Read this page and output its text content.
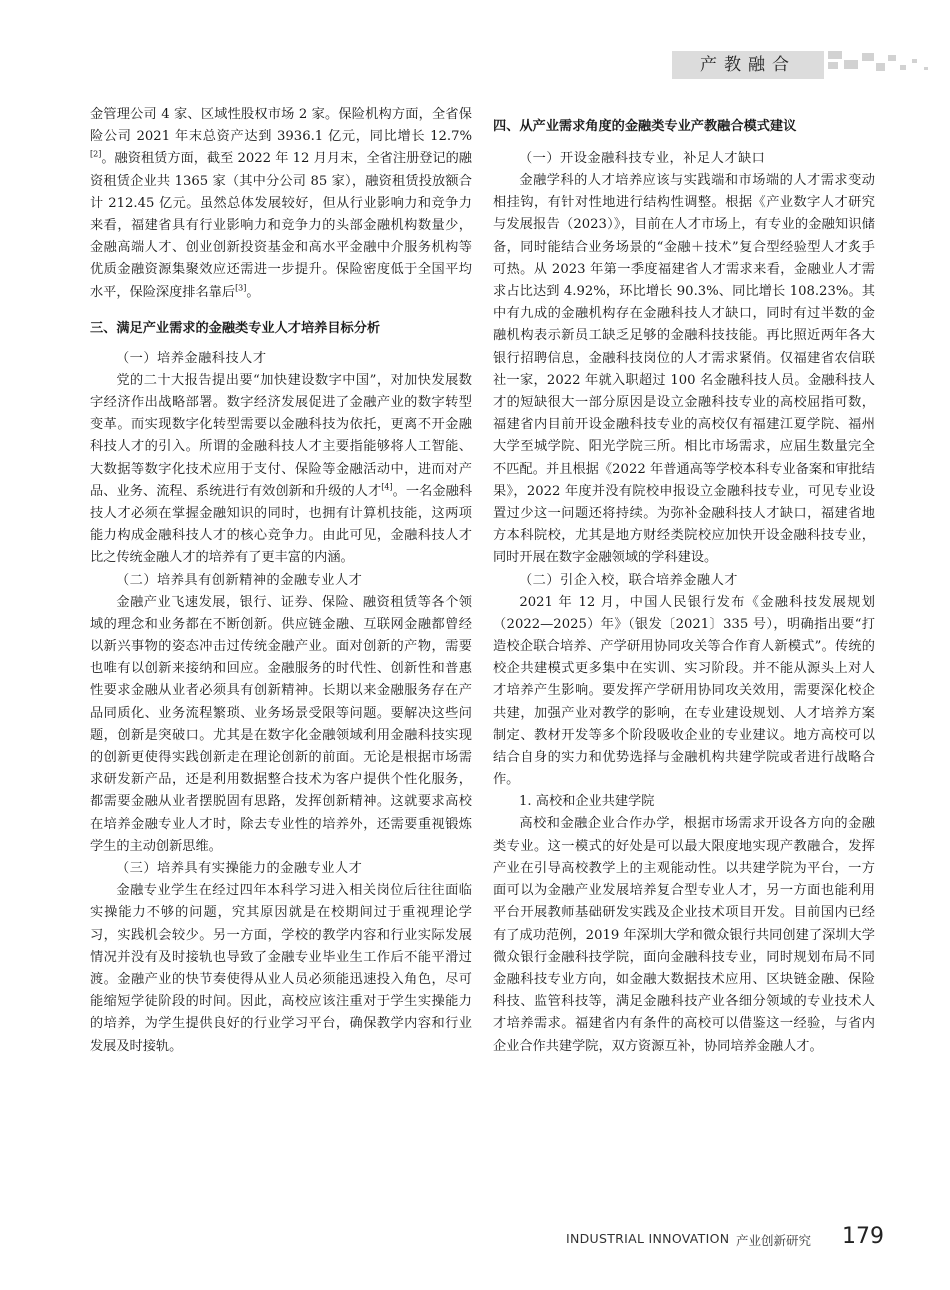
产教融合

金管理公司 4 家、区域性股权市场 2 家。保险机构方面，全省保险公司 2021 年末总资产达到 3936.1 亿元，同比增长 12.7%[2]。融资租赁方面，截至 2022 年 12 月月末，全省注册登记的融资租赁企业共 1365 家（其中分公司 85 家），融资租赁投放额合计 212.45 亿元。虽然总体发展较好，但从行业影响力和竞争力来看，福建省具有行业影响力和竞争力的头部金融机构数量少，金融高端人才、创业创新投资基金和高水平金融中介服务机构等优质金融资源集聚效应还需进一步提升。保险密度低于全国平均水平，保险深度排名靠后[3]。

三、满足产业需求的金融类专业人才培养目标分析

（一）培养金融科技人才

党的二十大报告提出要“加快建设数字中国”，对加快发展数字经济作出战略部署。数字经济发展促进了金融产业的数字转型变革。而实现数字化转型需要以金融科技为依托，更离不开金融科技人才的引入。所谓的金融科技人才主要指能够将人工智能、大数据等数字化技术应用于支付、保险等金融活动中，进而对产品、业务、流程、系统进行有效创新和升级的人才[4]。一名金融科技人才必须在掌握金融知识的同时，也拥有计算机技能，这两项能力构成金融科技人才的核心竞争力。由此可见，金融科技人才比之传统金融人才的培养有了更丰富的内涵。

（二）培养具有创新精神的金融专业人才

金融产业飞速发展，银行、证券、保险、融资租赁等各个领域的理念和业务都在不断创新。供应链金融、互联网金融都曾经以新兴事物的姿态冲击过传统金融产业。面对创新的产物，需要也唯有以创新来接纳和回应。金融服务的时代性、创新性和普惠性要求金融从业者必须具有创新精神。长期以来金融服务存在产品同质化、业务流程繁琐、业务场景受限等问题。要解决这些问题，创新是突破口。尤其是在数字化金融领域利用金融科技实现的创新更使得实践创新走在理论创新的前面。无论是根据市场需求研发新产品，还是利用数据整合技术为客户提供个性化服务，都需要金融从业者摆脱固有思路，发挥创新精神。这就要求高校在培养金融专业人才时，除去专业性的培养外，还需要重视锻炼学生的主动创新思维。

（三）培养具有实操能力的金融专业人才

金融专业学生在经过四年本科学习进入相关岗位后往往面临实操能力不够的问题，究其原因就是在校期间过于重视理论学习，实践机会较少。另一方面，学校的教学内容和行业实际发展情况并没有及时接轨也导致了金融专业毕业生工作后不能平滑过渡。金融产业的快节奏使得从业人员必须能迅速投入角色，尽可能缩短学徒阶段的时间。因此，高校应该注重对于学生实操能力的培养，为学生提供良好的行业学习平台，确保教学内容和行业发展及时接轨。

四、从产业需求角度的金融类专业产教融合模式建议

（一）开设金融科技专业，补足人才缺口

金融学科的人才培养应该与实践端和市场端的人才需求变动相挂钩，有针对性地进行结构性调整。根据《产业数字人才研究与发展报告（2023）》，目前在人才市场上，有专业的金融知识储备，同时能结合业务场景的“金融＋技术”复合型经验型人才炙手可热。从 2023 年第一季度福建省人才需求来看，金融业人才需求占比达到 4.92%，环比增长 90.3%、同比增长 108.23%。其中有九成的金融机构存在金融科技人才缺口，同时有过半数的金融机构表示新员工缺乏足够的金融科技技能。再比照近两年各大银行招聘信息，金融科技岗位的人才需求紧俏。仅福建省农信联社一家，2022 年就入职超过 100 名金融科技人员。金融科技人才的短缺很大一部分原因是设立金融科技专业的高校屈指可数，福建省内目前开设金融科技专业的高校仅有福建江夏学院、福州大学至城学院、阳光学院三所。相比市场需求，应届生数量完全不匹配。并且根据《2022 年普通高等学校本科专业备案和审批结果》，2022 年度并没有院校申报设立金融科技专业，可见专业设置过少这一问题还将持续。为弥补金融科技人才缺口，福建省地方本科院校，尤其是地方财经类院校应加快开设金融科技专业，同时开展在数字金融领域的学科建设。

（二）引企入校，联合培养金融人才

2021 年 12 月，中国人民银行发布《金融科技发展规划（2022—2025）年》（银发〔2021〕335 号），明确指出要“打造校企联合培养、产学研用协同攻关等合作育人新模式”。传统的校企共建模式更多集中在实训、实习阶段。并不能从源头上对人才培养产生影响。要发挥产学研用协同攻关效用，需要深化校企共建，加强产业对教学的影响，在专业建设规划、人才培养方案制定、教材开发等多个阶段吸收企业的专业建议。地方高校可以结合自身的实力和优势选择与金融机构共建学院或者进行战略合作。

1. 高校和企业共建学院

高校和金融企业合作办学，根据市场需求开设各方向的金融类专业。这一模式的好处是可以最大限度地实现产教融合，发挥产业在引导高校教学上的主观能动性。以共建学院为平台，一方面可以为金融产业发展培养复合型专业人才，另一方面也能利用平台开展教师基础研发实践及企业技术项目开发。目前国内已经有了成功范例，2019 年深圳大学和微众银行共同创建了深圳大学微众银行金融科技学院，面向金融科技专业，同时规划布局不同金融科技专业方向，如金融大数据技术应用、区块链金融、保险科技、监管科技等，满足金融科技产业各细分领域的专业技术人才培养需求。福建省内有条件的高校可以借鉴这一经验，与省内企业合作共建学院，双方资源互补，协同培养金融人才。

INDUSTRIAL INNOVATION 产业创新研究 179
